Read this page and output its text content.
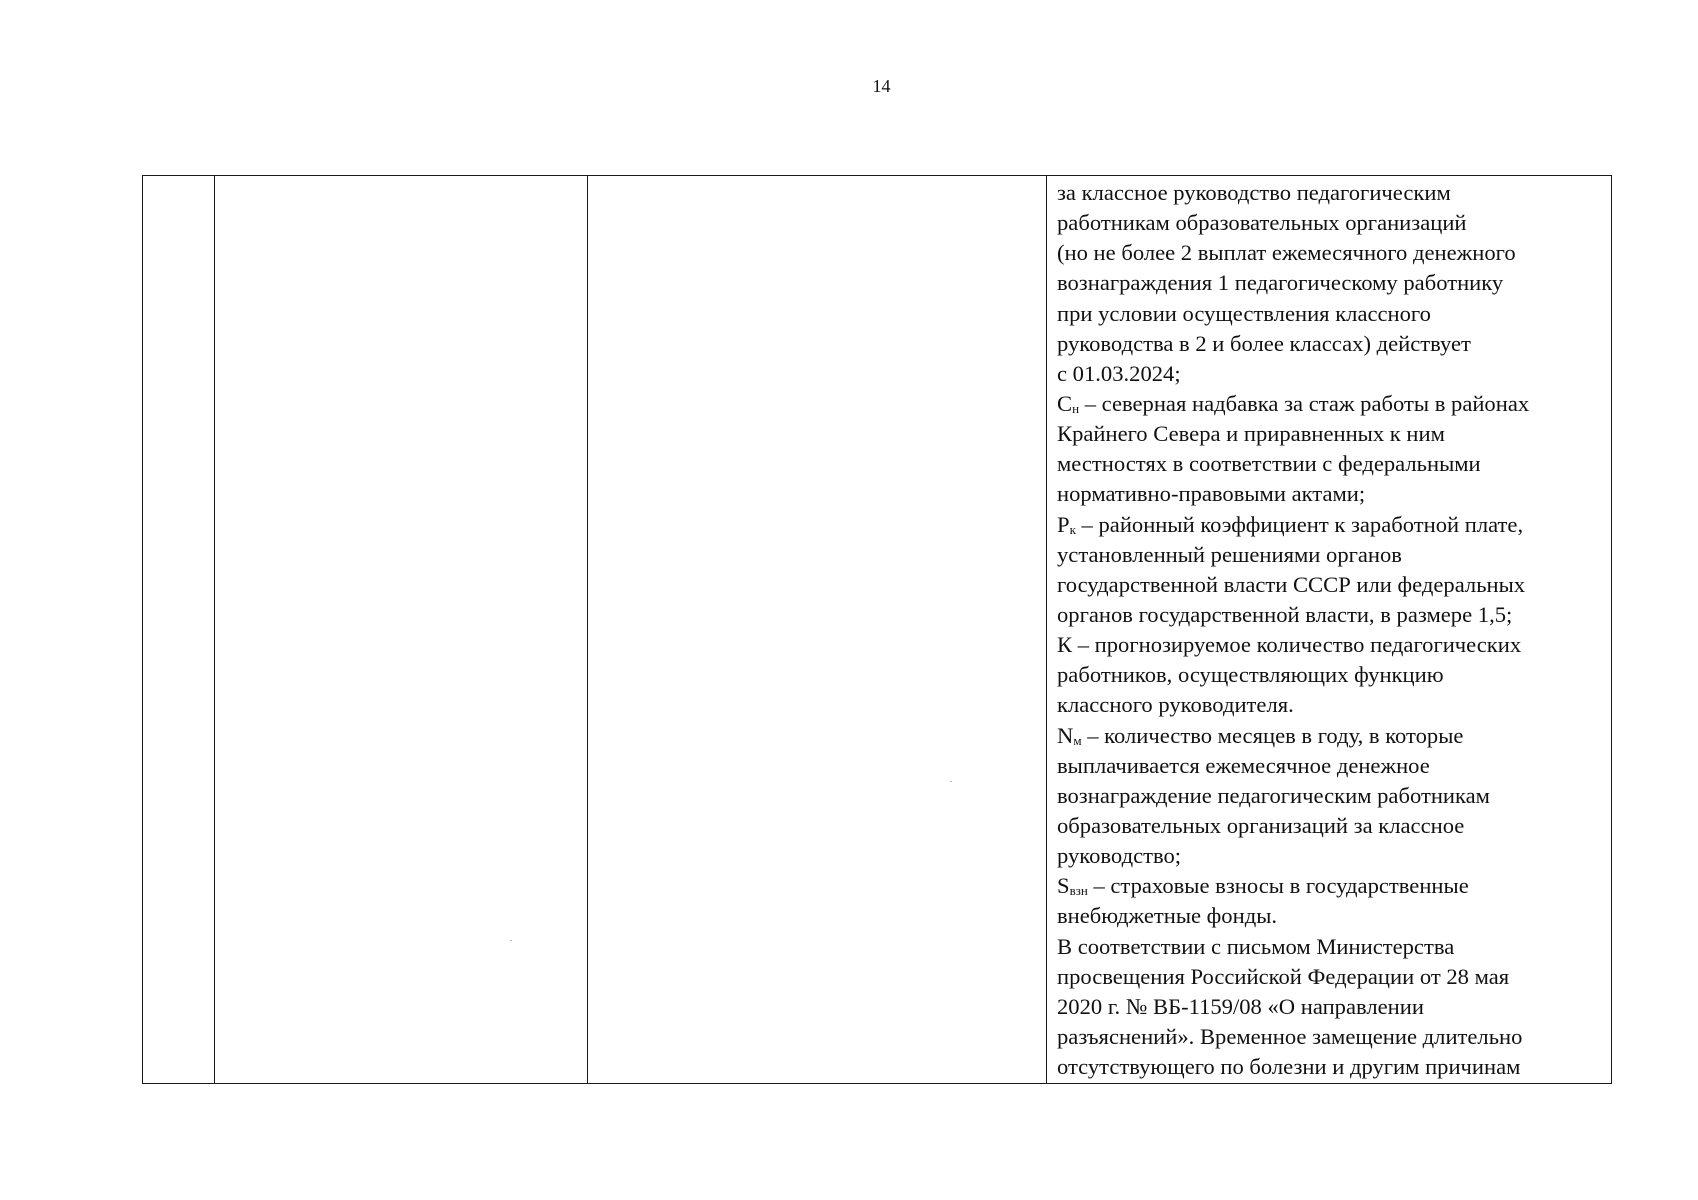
14
за классное руководство педагогическим
работникам образовательных организаций
(но не более 2 выплат ежемесячного денежного
вознаграждения 1 педагогическому работнику
при условии осуществления классного
руководства в 2 и более классах) действует
с 01.03.2024;
$С_н$ – северная надбавка за стаж работы в районах
Крайнего Севера и приравненных к ним
местностях в соответствии с федеральными
нормативно-правовыми актами;
$Р_к$ – районный коэффициент к заработной плате,
установленный решениями органов
государственной власти СССР или федеральных
органов государственной власти, в размере 1,5;
К – прогнозируемое количество педагогических
работников, осуществляющих функцию
классного руководителя.
$N_м$ – количество месяцев в году, в которые
выплачивается ежемесячное денежное
вознаграждение педагогическим работникам
образовательных организаций за классное
руководство;
$S_{взн}$ – страховые взносы в государственные
внебюджетные фонды.
В соответствии с письмом Министерства
просвещения Российской Федерации от 28 мая
2020 г. № ВБ-1159/08 «О направлении
разъяснений». Временное замещение длительно
отсутствующего по болезни и другим причинам
